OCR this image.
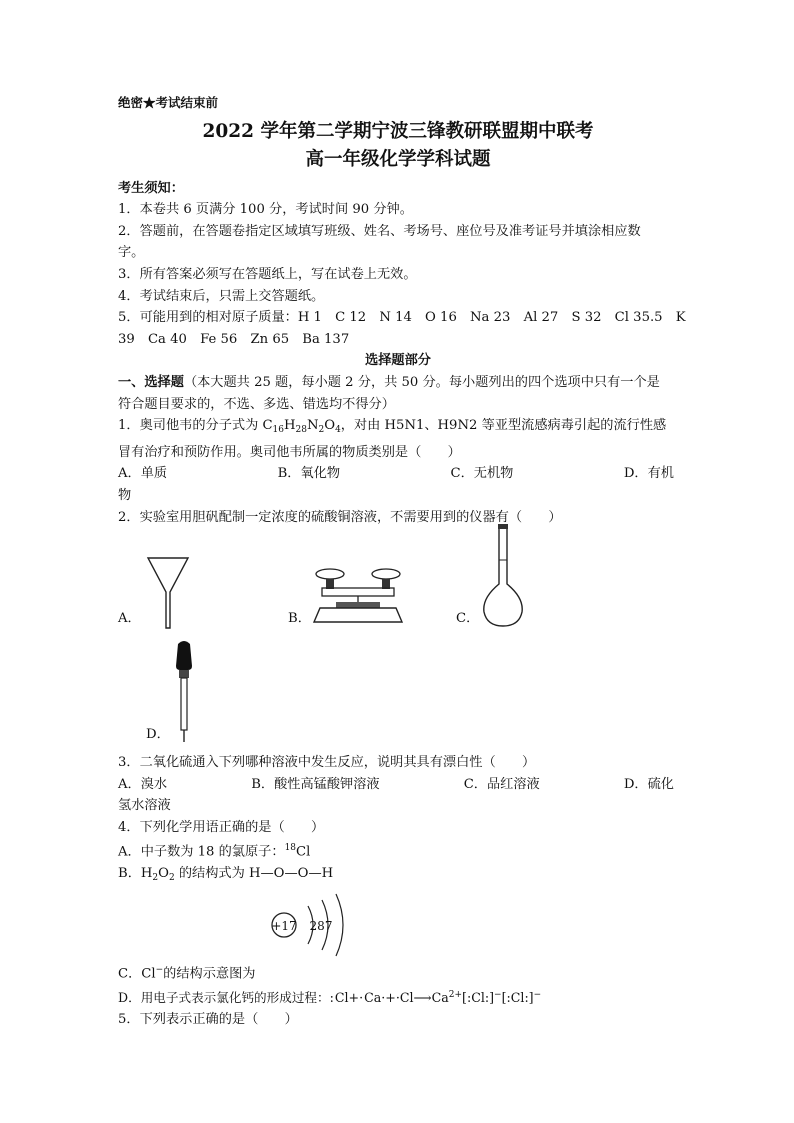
绝密★考试结束前
2022 学年第二学期宁波三锋教研联盟期中联考
高一年级化学学科试题
考生须知：
1．本卷共 6 页满分 100 分，考试时间 90 分钟。
2．答题前，在答题卷指定区域填写班级、姓名、考场号、座位号及准考证号并填涂相应数
字。
3．所有答案必须写在答题纸上，写在试卷上无效。
4．考试结束后，只需上交答题纸。
5．可能用到的相对原子质量：H 1　C 12　N 14　O 16　Na 23　Al 27　S 32　Cl 35.5　K
39　Ca 40　Fe 56　Zn 65　Ba 137
选择题部分
一、选择题（本大题共 25 题，每小题 2 分，共 50 分。每小题列出的四个选项中只有一个是
符合题目要求的，不选、多选、错选均不得分）
1．奥司他韦的分子式为 $C_{16}H_{28}N_2O_4$，对由 H5N1、H9N2 等亚型流感病毒引起的流行性感
冒有治疗和预防作用。奥司他韦所属的物质类别是（　　）
A．单质	B．氧化物	C．无机物	D．有机
物
2．实验室用胆矾配制一定浓度的硫酸铜溶液，不需要用到的仪器有（　　）
A．	B．	C．
D．
3．二氧化硫通入下列哪种溶液中发生反应，说明其具有漂白性（　　）
A．溴水	B．酸性高锰酸钾溶液	C．品红溶液	D．硫化
氢水溶液
4．下列化学用语正确的是（　　）
A．中子数为 18 的氯原子：$^{18}$Cl
B．$H_2O_2$ 的结构式为 H—O—O—H
+17 287
C．Cl−的结构示意图为
D．用电子式表示氯化钙的形成过程：$:Cl+\cdot Ca\cdot+\cdot Cl⟶Ca^{2+}[:Cl:]^-[:Cl:]^-$
5．下列表示正确的是（　　）
